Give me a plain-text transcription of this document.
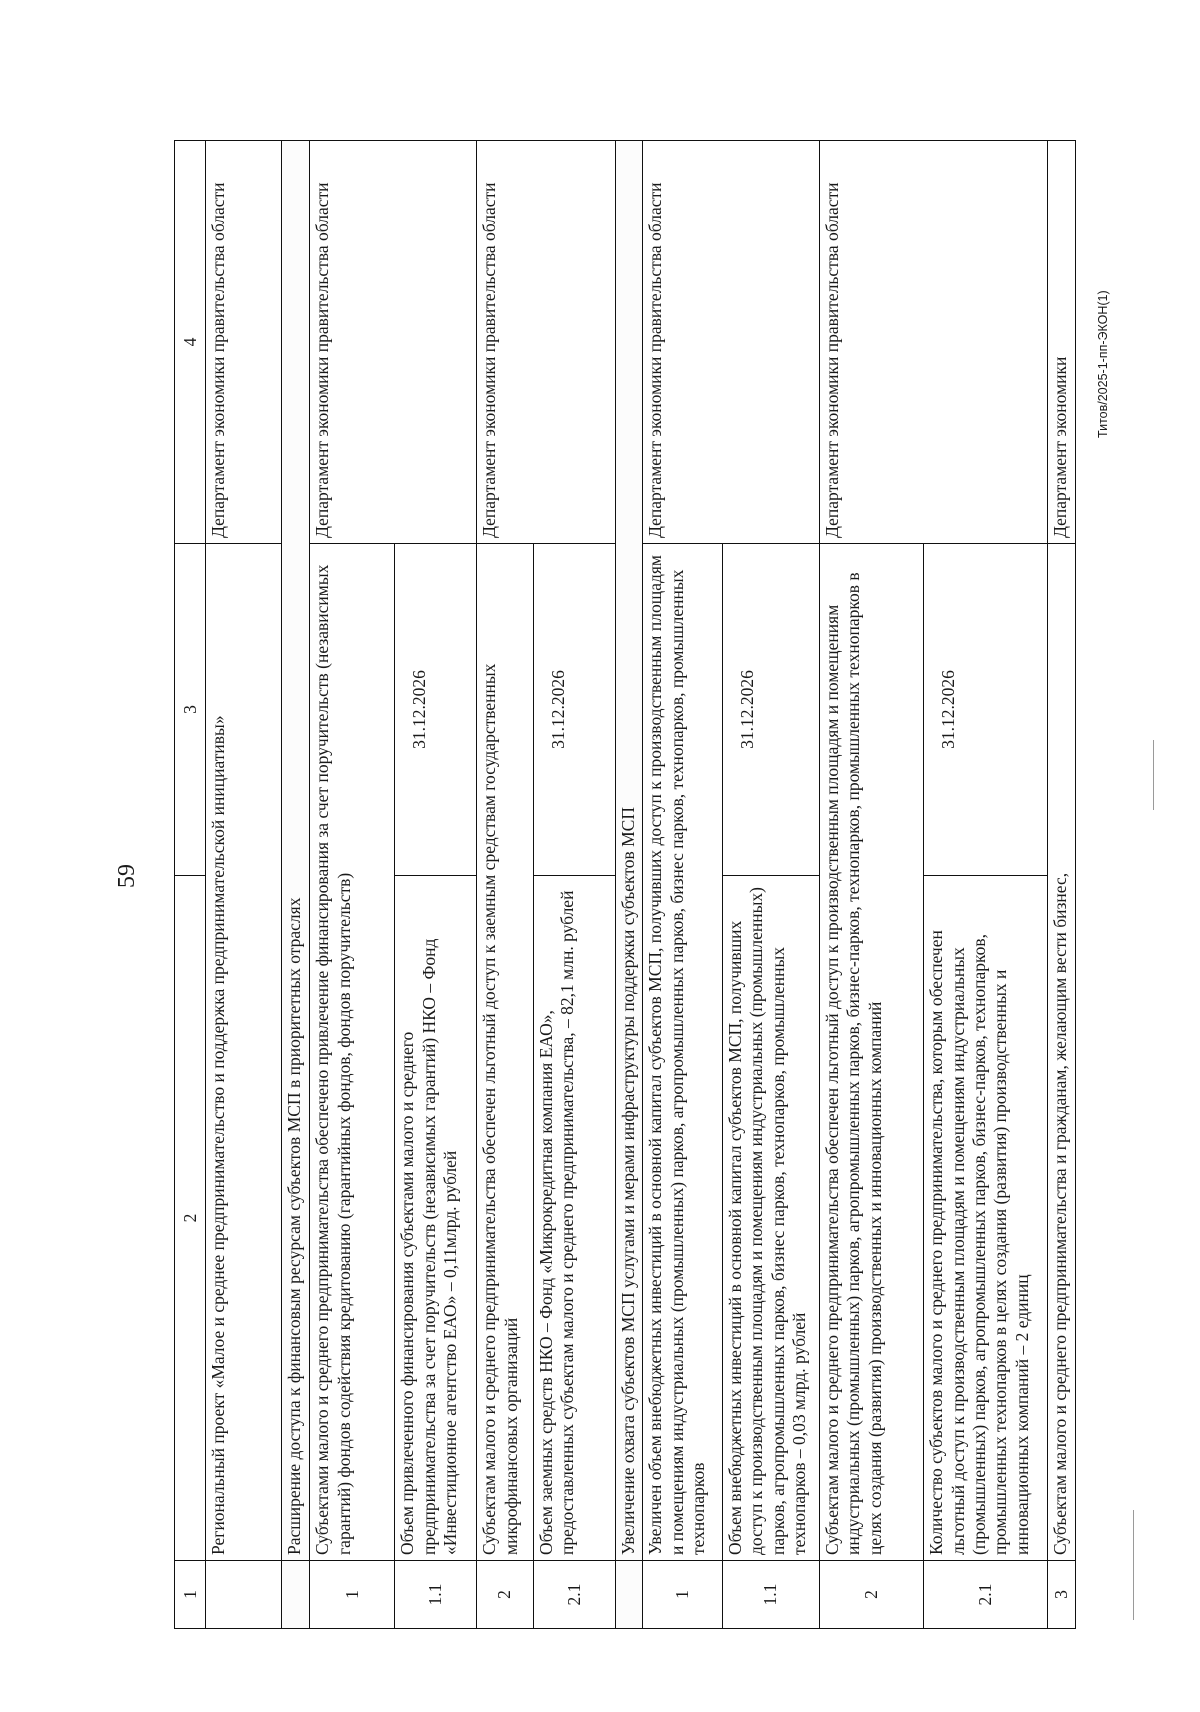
59
1	2	3	4
	Региональный проект «Малое и среднее предпринимательство и поддержка предпринимательской инициативы»		Департамент экономики правительства области
	Расширение доступа к финансовым ресурсам субъектов МСП в приоритетных отраслях		
1	Субъектами малого и среднего предпринимательства обеспечено привлечение финансирования за счет поручительств (независимых гарантий) фондов содействия кредитованию (гарантийных фондов, фондов поручительств)		Департамент экономики правительства области
1.1	Объем привлеченного финансирования субъектами малого и среднего предпринимательства за счет поручительств (независимых гарантий) НКО – Фонд «Инвестиционное агентство ЕАО» – 0,11млрд. рублей	31.12.2026	
2	Субъектам малого и среднего предпринимательства обеспечен льготный доступ к заемным средствам государственных микрофинансовых организаций		Департамент экономики правительства области
2.1	Объем заемных средств НКО – Фонд «Микрокредитная компания ЕАО», предоставленных субъектам малого и среднего предпринимательства, – 82,1 млн. рублей	31.12.2026	
	Увеличение охвата субъектов МСП услугами и мерами инфраструктуры поддержки субъектов МСП		
1	Увеличен объем внебюджетных инвестиций в основной капитал субъектов МСП, получивших доступ к производственным площадям и помещениям индустриальных (промышленных) парков, агропромышленных парков, бизнес парков, технопарков, промышленных технопарков		Департамент экономики правительства области
1.1	Объем внебюджетных инвестиций в основной капитал субъектов МСП, получивших доступ к производственным площадям и помещениям индустриальных (промышленных) парков, агропромышленных парков, бизнес парков, технопарков, промышленных технопарков – 0,03 млрд. рублей	31.12.2026	
2	Субъектам малого и среднего предпринимательства обеспечен льготный доступ к производственным площадям и помещениям индустриальных (промышленных) парков, агропромышленных парков, бизнес-парков, технопарков, промышленных технопарков в целях создания (развития) производственных и инновационных компаний		Департамент экономики правительства области
2.1	Количество субъектов малого и среднего предпринимательства, которым обеспечен льготный доступ к производственным площадям и помещениям индустриальных (промышленных) парков, агропромышленных парков, бизнес-парков, технопарков, промышленных технопарков в целях создания (развития) производственных и инновационных компаний – 2 единиц	31.12.2026	
3	Субъектам малого и среднего предпринимательства и гражданам, желающим вести бизнес,		Департамент экономики Титов/2025-1-пп-ЭКОН(1)
